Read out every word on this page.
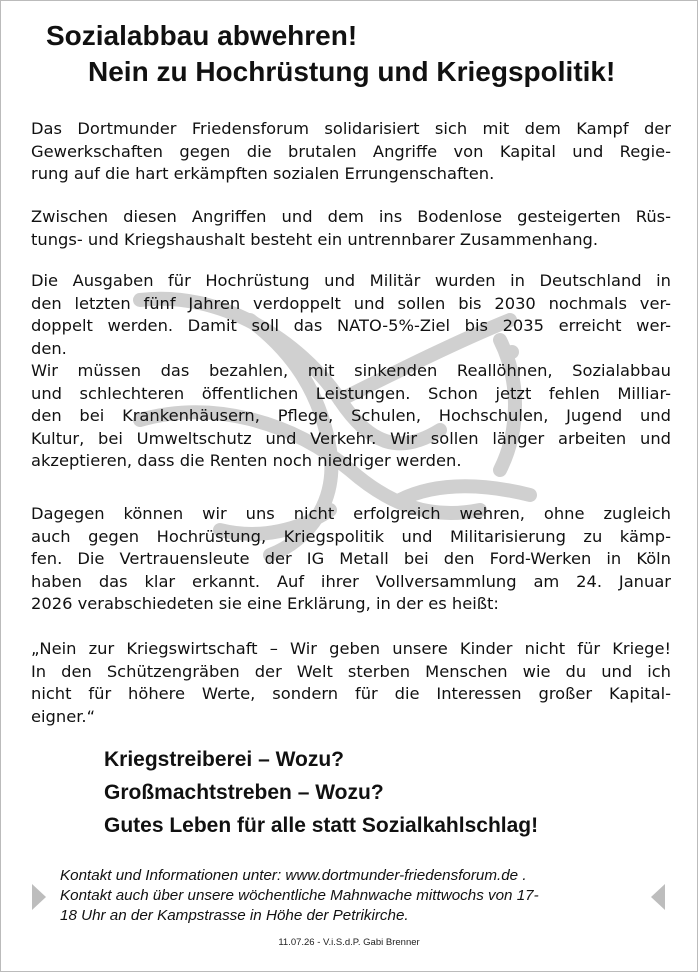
Sozialabbau abwehren!
Nein zu Hochrüstung und Kriegspolitik!
Das Dortmunder Friedensforum solidarisiert sich mit dem Kampf der
Gewerkschaften gegen die brutalen Angriffe von Kapital und Regie-
rung auf die hart erkämpften sozialen Errungenschaften.
Zwischen diesen Angriffen und dem ins Bodenlose gesteigerten Rüs-
tungs- und Kriegshaushalt besteht ein untrennbarer Zusammenhang.
Die Ausgaben für Hochrüstung und Militär wurden in Deutschland in
den letzten fünf Jahren verdoppelt und sollen bis 2030 nochmals ver-
doppelt werden. Damit soll das NATO-5%-Ziel bis 2035 erreicht wer-
den.
Wir müssen das bezahlen, mit sinkenden Reallöhnen, Sozialabbau
und schlechteren öffentlichen Leistungen. Schon jetzt fehlen Milliar-
den bei Krankenhäusern, Pflege, Schulen, Hochschulen, Jugend und
Kultur, bei Umweltschutz und Verkehr. Wir sollen länger arbeiten und
akzeptieren, dass die Renten noch niedriger werden.
Dagegen können wir uns nicht erfolgreich wehren, ohne zugleich
auch gegen Hochrüstung, Kriegspolitik und Militarisierung zu kämp-
fen. Die Vertrauensleute der IG Metall bei den Ford-Werken in Köln
haben das klar erkannt. Auf ihrer Vollversammlung am 24. Januar
2026 verabschiedeten sie eine Erklärung, in der es heißt:
„Nein zur Kriegswirtschaft – Wir geben unsere Kinder nicht für Kriege!
In den Schützengräben der Welt sterben Menschen wie du und ich
nicht für höhere Werte, sondern für die Interessen großer Kapital-
eigner.“
Kriegstreiberei – Wozu?
Großmachtstreben – Wozu?
Gutes Leben für alle statt Sozialkahlschlag!
Kontakt und Informationen unter: www.dortmunder-friedensforum.de .
Kontakt auch über unsere wöchentliche Mahnwache mittwochs von 17-
18 Uhr an der Kampstrasse in Höhe der Petrikirche.
11.07.26 - V.i.S.d.P. Gabi Brenner
